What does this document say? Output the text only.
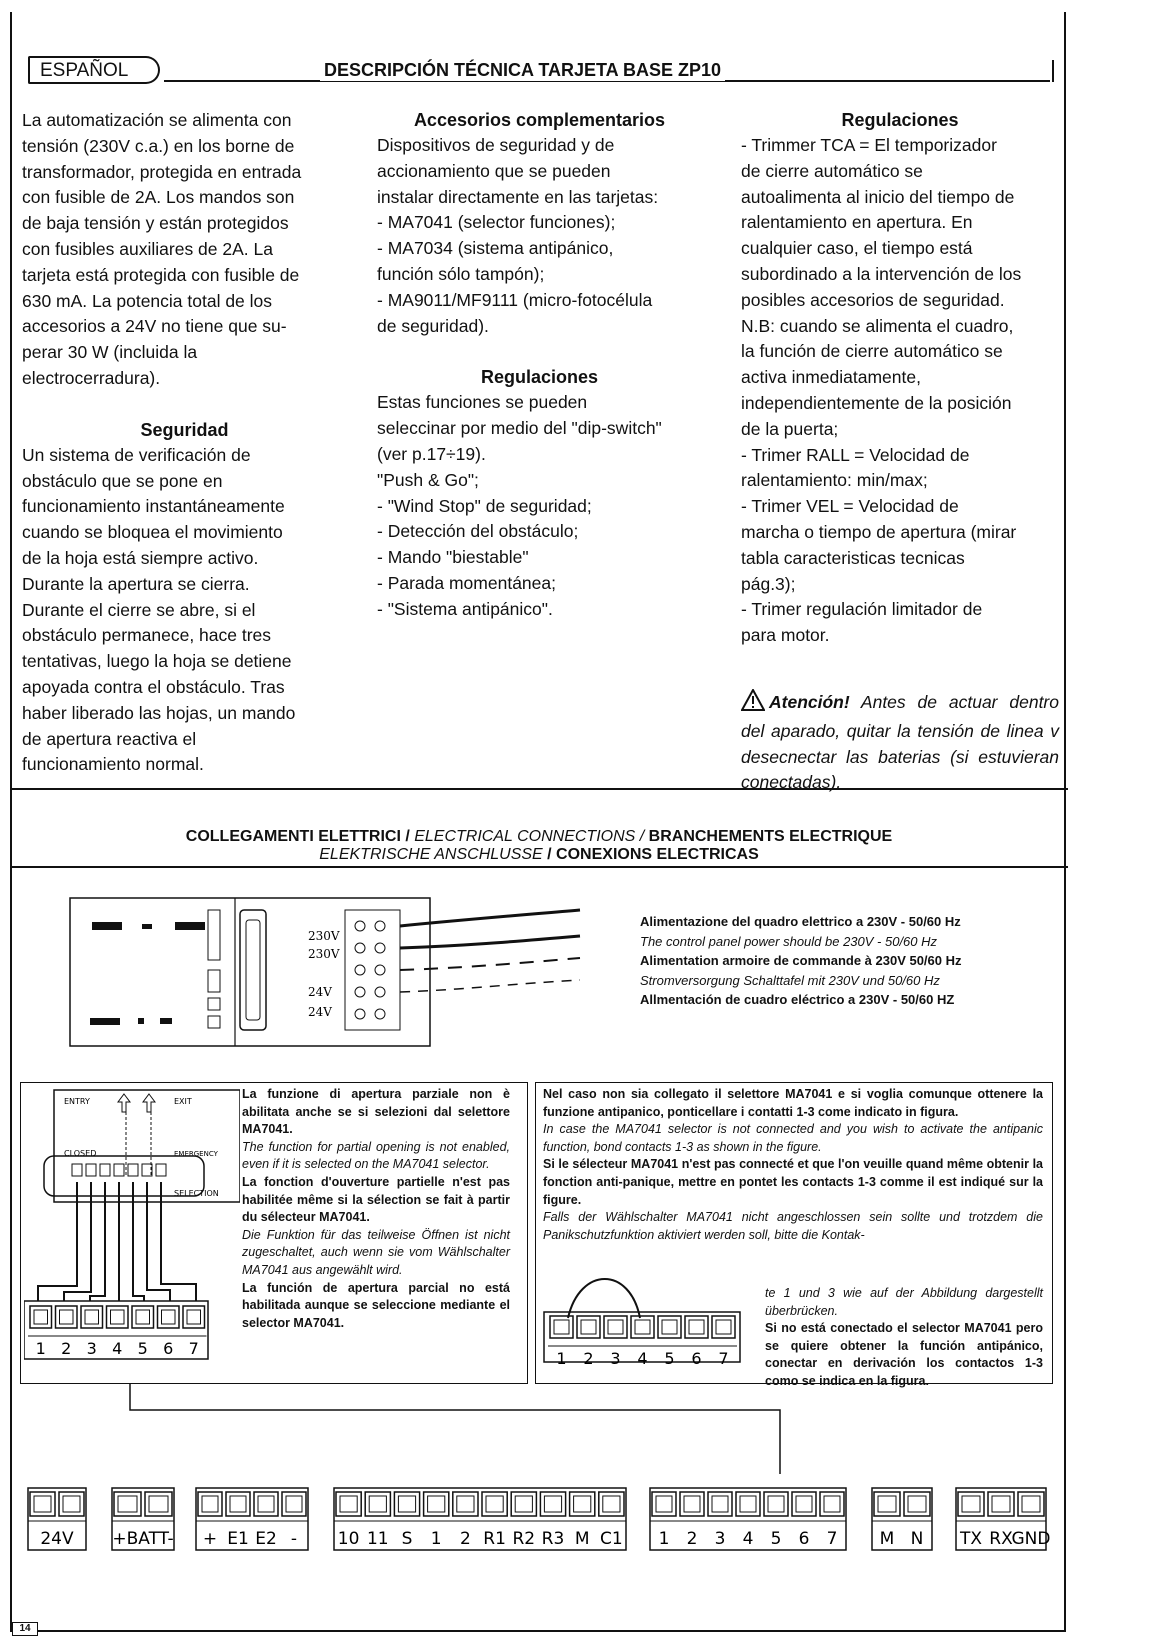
ESPAÑOL	DESCRIPCIÓN TÉCNICA TARJETA BASE ZP10

La automatización se alimenta con

tensión (230V c.a.) en los borne de

transformador, protegida en entrada

con fusible de 2A. Los mandos son

de baja tensión y están protegidos

con fusibles auxiliares de 2A. La

tarjeta está protegida con fusible de

630 mA. La potencia total de los

accesorios a 24V no tiene que su-

perar 30 W (incluida la

electrocerradura).

Seguridad

Un sistema de verificación de

obstáculo que se pone en

funcionamiento instantáneamente

cuando se bloquea el movimiento

de la hoja está siempre activo.

Durante la apertura se cierra.

Durante el cierre se abre, si el

obstáculo permanece, hace tres

tentativas, luego la hoja se detiene

apoyada contra el obstáculo. Tras

haber liberado las hojas, un mando

de apertura reactiva el

funcionamiento normal.

Accesorios complementarios

Dispositivos de seguridad y de

accionamiento que se pueden

instalar directamente en las tarjetas:

- MA7041 (selector funciones);

- MA7034 (sistema antipánico,

función sólo tampón);

- MA9011/MF9111 (micro-fotocélula

de seguridad).

Regulaciones

Estas funciones se pueden

seleccinar por medio del "dip-switch"

(ver p.17÷19).

"Push & Go";

- "Wind Stop" de seguridad;

- Detección del obstáculo;

- Mando "biestable"

- Parada momentánea;

- "Sistema antipánico".

Regulaciones

- Trimmer TCA = El temporizador

de cierre automático se

autoalimenta al inicio del tiempo de

ralentamiento en apertura. En

cualquier caso, el tiempo está

subordinado a la intervención de los

posibles accesorios de seguridad.

N.B: cuando se alimenta el cuadro,

la función de cierre automático se

activa inmediatamente,

independientemente de la posición

de la puerta;

- Trimer RALL = Velocidad de

ralentamiento: min/max;

- Trimer VEL = Velocidad de

marcha o tiempo de apertura (mirar

tabla caracteristicas tecnicas

pág.3);

- Trimer regulación limitador de

para motor.

Atención! Antes de actuar dentro del aparado, quitar la tensión de linea v desecnectar las baterias (si estuvieran conectadas).
COLLEGAMENTI ELETTRICI / ELECTRICAL CONNECTIONS / BRANCHEMENTS ELECTRIQUE
ELEKTRISCHE ANSCHLUSSE / CONEXIONS ELECTRICAS
230V
230V
24V
24V
Alimentazione del quadro elettrico a 230V - 50/60 Hz
The control panel power should be 230V - 50/60 Hz
Alimentation armoire de commande à 230V 50/60 Hz
Stromversorgung Schalttafel mit 230V und 50/60 Hz
Allmentación de cuadro eléctrico a 230V - 50/60 HZ
ENTRY	EXIT
CLOSED	EMERGENCY
SELECTION
1 2 3 4 5 6 7
La funzione di apertura parziale non è abilitata anche se si selezioni dal selettore MA7041.
The function for partial opening is not enabled, even if it is selected on the MA7041 selector.
La fonction d'ouverture partielle n'est pas habilitée même si la sélection se fait à partir du sélecteur MA7041.
Die Funktion für das teilweise Öffnen ist nicht zugeschaltet, auch wenn sie vom Wählschalter MA7041 aus angewählt wird.
La función de apertura parcial no está habilitada aunque se seleccione mediante el selector MA7041.
Nel caso non sia collegato il selettore MA7041 e si voglia comunque ottenere la funzione antipanico, ponticellare i contatti 1-3 come indicato in figura.
In case the MA7041 selector is not connected and you wish to activate the antipanic function, bond contacts 1-3 as shown in the figure.
Si le sélecteur MA7041 n'est pas connecté et que l'on veuille quand même obtenir la fonction anti-panique, mettre en pontet les contacts 1-3 comme il est indiqué sur la figure.
Falls der Wählschalter MA7041 nicht angeschlossen sein sollte und trotzdem die Panikschutzfunktion aktiviert werden soll, bitte die Kontak-
1 2 3 4 5 6 7
te 1 und 3 wie auf der Abbildung dargestellt überbrücken.
Si no está conectado el selector MA7041 pero se quiere obtener la función antipánico, conectar en derivación los contactos 1-3 como se indica en la figura.
24V +BATT- + E1 E2 - 10 11 S 1 2 R1 R2 R3 M C1 1 2 3 4 5 6 7 M N TX RX
GND
14
